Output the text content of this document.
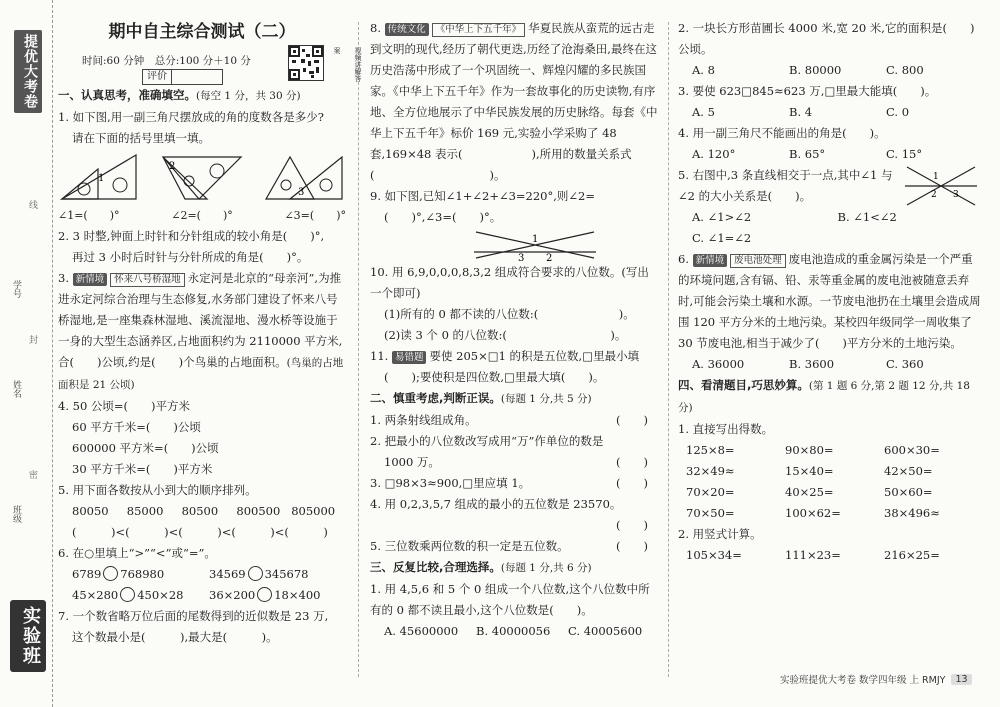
提优大考卷
学号
姓名
班级
线
封
密
实验班
期中自主综合测试（二）
时间:60 分钟　总分:100 分＋10 分
评价	视频讲解答案
一、认真思考，准确填空。(每空 1 分，共 30 分)

1. 如下图,用一副三角尺摆放成的角的度数各是多少?

请在下面的括号里填一填。

1
2
3
∠1=(　　)°	∠2=(　　)°	∠3=(　　)°

2. 3 时整,钟面上时针和分针组成的较小角是(　　)°,

再过 3 小时后时针与分针所成的角是(　　)°。

3. 新情境 怀来八号桥湿地 永定河是北京的“母亲河”,为推进永定河综合治理与生态修复,水务部门建设了怀来八号桥湿地,是一座集森林湿地、溪流湿地、漫水桥等设施于一身的大型生态涵养区,占地面积约为 2110000 平方米,合(　　)公顷,约是(　　)个鸟巢的占地面积。(鸟巢的占地面积是 21 公顷)

4. 50 公顷=(　　)平方米

60 平方千米=(　　)公顷

600000 平方米=(　　)公顷

30 平方千米=(　　)平方米

5. 用下面各数按从小到大的顺序排列。

80050	85000	80500	800500 805000

(　　　)<(　　　)<(　　　)<(　　　)<(　　　)

6. 在○里填上“>”“<”或“=”。

6789 768980	34569 345678
45×280 450×28	36×200 18×400

7. 一个数省略万位后面的尾数得到的近似数是 23 万,

这个数最小是(　　　),最大是(　　　)。

8. 传统文化 《中华上下五千年》 华夏民族从蛮荒的远古走到文明的现代,经历了朝代更迭,历经了沧海桑田,最终在这历史浩荡中形成了一个巩固统一、辉煌闪耀的多民族国家。《中华上下五千年》作为一套故事化的历史读物,有序地、全方位地展示了中华民族发展的历史脉络。每套《中华上下五千年》标价 169 元,实验小学采购了 48 套,169×48 表示(　　　　　　),所用的数量关系式(　　　　　　　　　　)。

9. 如下图,已知∠1+∠2+∠3=220°,则∠2=

(　　)°,∠3=(　　)°。

3
1
2

10. 用 6,9,0,0,0,8,3,2 组成符合要求的八位数。(写出一个即可)

(1)所有的 0 都不读的八位数:(　　　　　　　)。

(2)读 3 个 0 的八位数:(　　　　　　　　　)。

11. 易错题 要使 205×□1 的积是五位数,□里最小填

(　　);要使积是四位数,□里最大填(　　)。

二、慎重考虑,判断正误。(每题 1 分,共 5 分)
1. 两条射线组成角。	(　　)
2. 把最小的八位数改写成用“万”作单位的数是
1000 万。	(　　)
3. □98×3≈900,□里应填 1。	(　　)
4. 用 0,2,3,5,7 组成的最小的五位数是 23570。
(　　)
5. 三位数乘两位数的积一定是五位数。	(　　)
三、反复比较,合理选择。(每题 1 分,共 6 分)

1. 用 4,5,6 和 5 个 0 组成一个八位数,这个八位数中所有的 0 都不读且最小,这个八位数是(　　)。

A. 45600000	B. 40000056	C. 40005600

2. 一块长方形苗圃长 4000 米,宽 20 米,它的面积是(　　)公顷。

A. 8	B. 80000	C. 800

3. 要使 623□845≈623 万,□里最大能填(　　)。

A. 5	B. 4	C. 0

4. 用一副三角尺不能画出的角是(　　)。

A. 120°	B. 65°	C. 15°

5. 右图中,3 条直线相交于一点,其中∠1 与∠2 的大小关系是(　　)。

1
2 3
A. ∠1>∠2	B. ∠1<∠2
C. ∠1=∠2

6. 新情境 废电池处理 废电池造成的重金属污染是一个严重的环境问题,含有镉、铅、汞等重金属的废电池被随意丢弃时,可能会污染土壤和水源。一节废电池扔在土壤里会造成周围 120 平方分米的土地污染。某校四年级同学一周收集了 30 节废电池,相当于减少了(　　)平方分米的土地污染。

A. 36000	B. 3600	C. 360
四、看清题目,巧思妙算。(第 1 题 6 分,第 2 题 12 分,共 18 分)

1. 直接写出得数。

125×8=	90×80=	600×30=
32×49≈	15×40=	42×50=
70×20=	40×25=	50×60=
70×50=	100×62=	38×496≈

2. 用竖式计算。

105×34=	111×23=	216×25=
实验班提优大考卷 数学四年级 上 RMJY	13
